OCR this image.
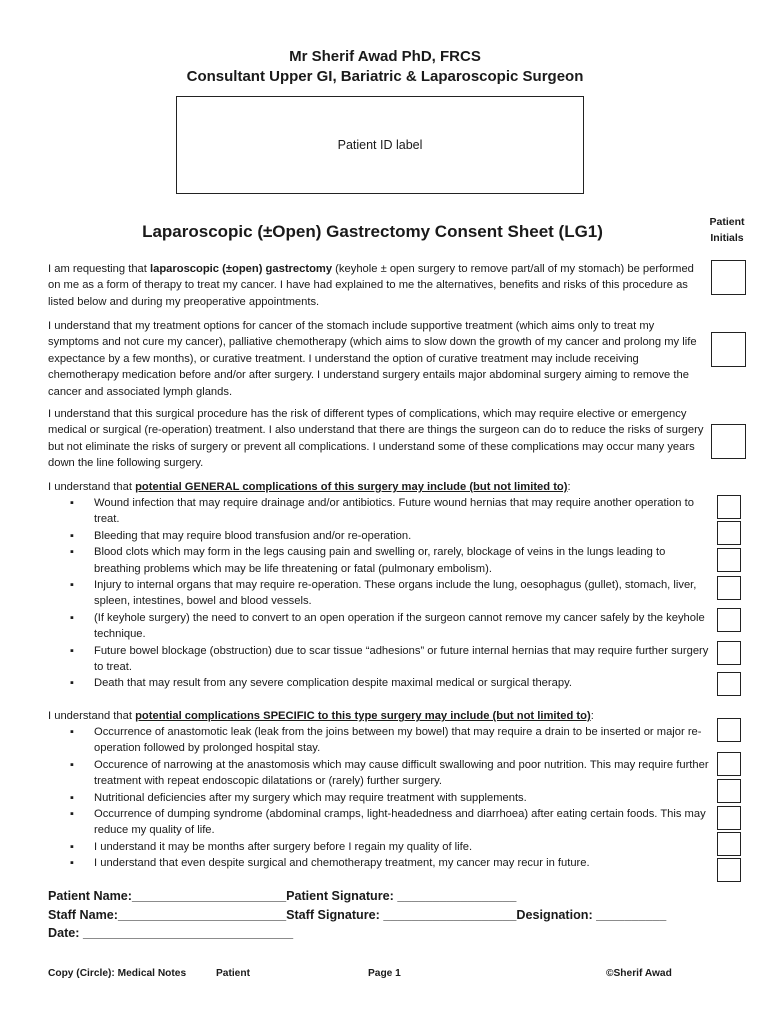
Mr Sherif Awad PhD, FRCS
Consultant Upper GI, Bariatric & Laparoscopic Surgeon
Patient ID label
Laparoscopic (±Open) Gastrectomy Consent Sheet (LG1)	Patient
Initials
I am requesting that laparoscopic (±open) gastrectomy (keyhole ± open surgery to remove part/all of my stomach) be performed on me as a form of therapy to treat my cancer. I have had explained to me the alternatives, benefits and risks of this procedure as listed below and during my preoperative appointments.
I understand that my treatment options for cancer of the stomach include supportive treatment (which aims only to treat my symptoms and not cure my cancer), palliative chemotherapy (which aims to slow down the growth of my cancer and prolong my life expectance by a few months), or curative treatment. I understand the option of curative treatment may include receiving chemotherapy medication before and/or after surgery. I understand surgery entails major abdominal surgery aiming to remove the cancer and associated lymph glands.
I understand that this surgical procedure has the risk of different types of complications, which may require elective or emergency medical or surgical (re-operation) treatment. I also understand that there are things the surgeon can do to reduce the risks of surgery but not eliminate the risks of surgery or prevent all complications. I understand some of these complications may occur many years down the line following surgery.
I understand that potential GENERAL complications of this surgery may include (but not limited to):
▪ Wound infection that may require drainage and/or antibiotics. Future wound hernias that may require another operation to treat.
▪ Bleeding that may require blood transfusion and/or re-operation.
▪ Blood clots which may form in the legs causing pain and swelling or, rarely, blockage of veins in the lungs leading to breathing problems which may be life threatening or fatal (pulmonary embolism).
▪ Injury to internal organs that may require re-operation. These organs include the lung, oesophagus (gullet), stomach, liver, spleen, intestines, bowel and blood vessels.
▪ (If keyhole surgery) the need to convert to an open operation if the surgeon cannot remove my cancer safely by the keyhole technique.
▪ Future bowel blockage (obstruction) due to scar tissue “adhesions” or future internal hernias that may require further surgery to treat.
▪ Death that may result from any severe complication despite maximal medical or surgical therapy.
I understand that potential complications SPECIFIC to this type surgery may include (but not limited to):
▪ Occurrence of anastomotic leak (leak from the joins between my bowel) that may require a drain to be inserted or major re-operation followed by prolonged hospital stay.
▪ Occurence of narrowing at the anastomosis which may cause difficult swallowing and poor nutrition. This may require further treatment with repeat endoscopic dilatations or (rarely) further surgery.
▪ Nutritional deficiencies after my surgery which may require treatment with supplements.
▪ Occurrence of dumping syndrome (abdominal cramps, light-headedness and diarrhoea) after eating certain foods. This may reduce my quality of life.
▪ I understand it may be months after surgery before I regain my quality of life.
▪ I understand that even despite surgical and chemotherapy treatment, my cancer may recur in future.
Patient Name:______________________Patient Signature: _________________
Staff Name:________________________Staff Signature: ___________________Designation: __________
Date: ______________________________
Copy (Circle): Medical Notes	Patient	Page 1	©Sherif Awad
